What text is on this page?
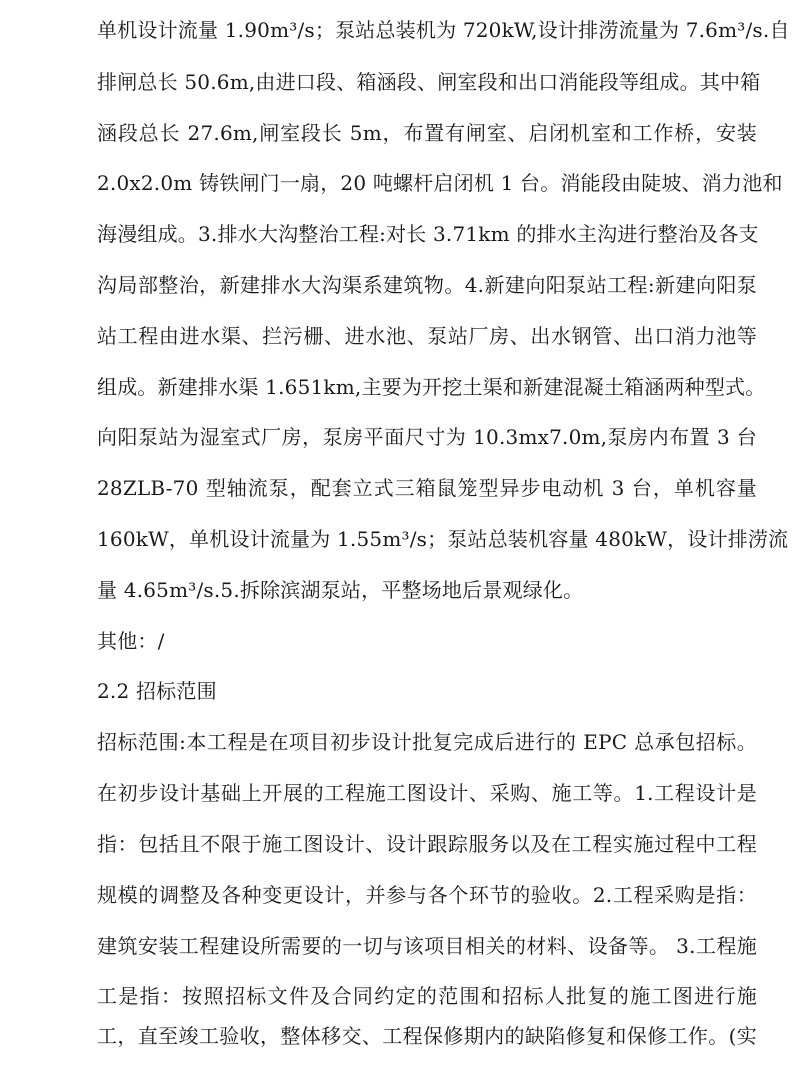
单机设计流量 1.90m³/s；泵站总装机为 720kW,设计排涝流量为 7.6m³/s.自
排闸总长 50.6m,由进口段、箱涵段、闸室段和出口消能段等组成。其中箱
涵段总长 27.6m,闸室段长 5m，布置有闸室、启闭机室和工作桥，安装
2.0x2.0m 铸铁闸门一扇，20 吨螺杆启闭机 1 台。消能段由陡坡、消力池和
海漫组成。3.排水大沟整治工程:对长 3.71km 的排水主沟进行整治及各支
沟局部整治，新建排水大沟渠系建筑物。4.新建向阳泵站工程:新建向阳泵
站工程由进水渠、拦污栅、进水池、泵站厂房、出水钢管、出口消力池等
组成。新建排水渠 1.651km,主要为开挖土渠和新建混凝土箱涵两种型式。
向阳泵站为湿室式厂房，泵房平面尺寸为 10.3mx7.0m,泵房内布置 3 台
28ZLB-70 型轴流泵，配套立式三箱鼠笼型异步电动机 3 台，单机容量
160kW，单机设计流量为 1.55m³/s；泵站总装机容量 480kW，设计排涝流
量 4.65m³/s.5.拆除滨湖泵站，平整场地后景观绿化。
其他：/
2.2 招标范围
招标范围:本工程是在项目初步设计批复完成后进行的 EPC 总承包招标。
在初步设计基础上开展的工程施工图设计、采购、施工等。1.工程设计是
指：包括且不限于施工图设计、设计跟踪服务以及在工程实施过程中工程
规模的调整及各种变更设计，并参与各个环节的验收。2.工程采购是指：
建筑安装工程建设所需要的一切与该项目相关的材料、设备等。 3.工程施
工是指：按照招标文件及合同约定的范围和招标人批复的施工图进行施
工，直至竣工验收，整体移交、工程保修期内的缺陷修复和保修工作。(实
